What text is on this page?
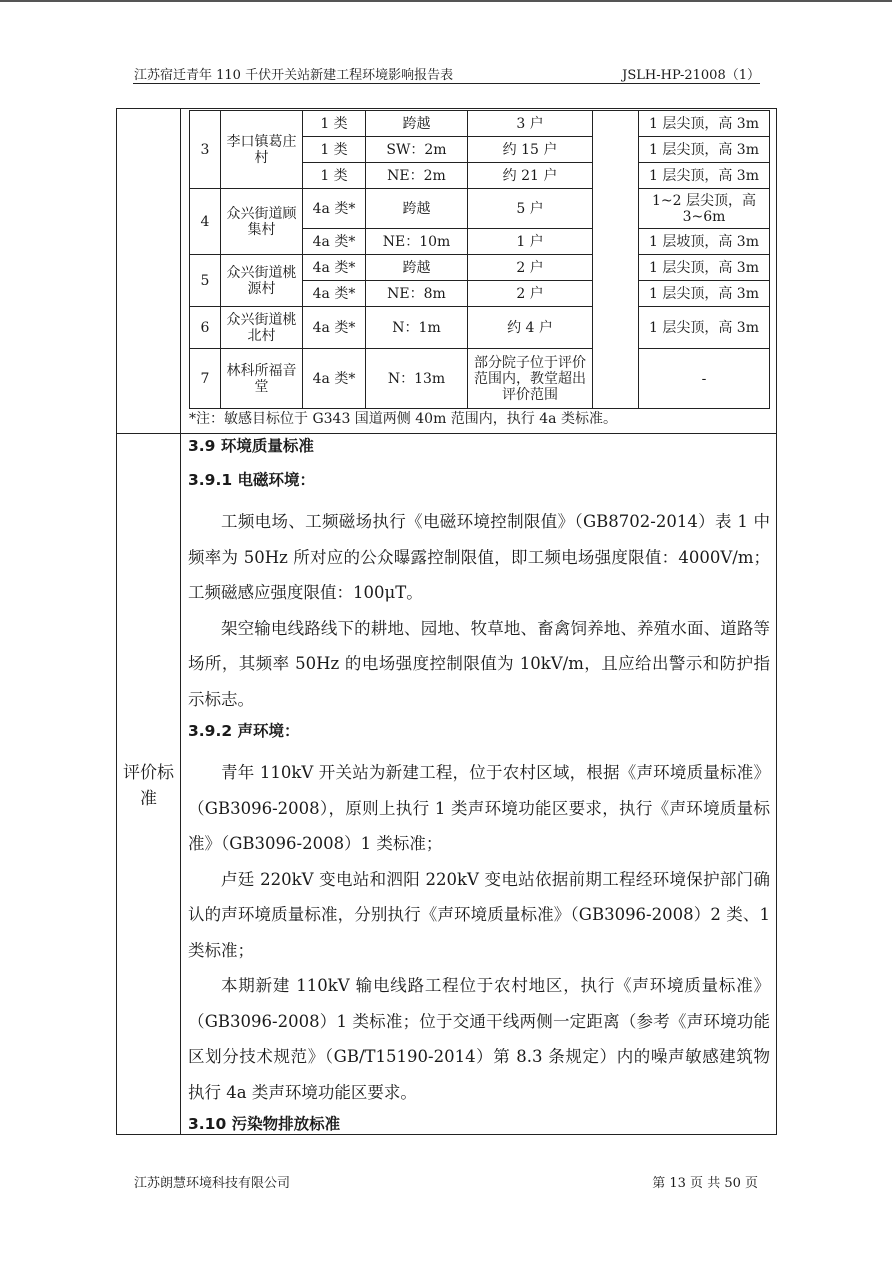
江苏宿迁青年 110 千伏开关站新建工程环境影响报告表	JSLH-HP-21008（1）
评价标准
3	李口镇葛庄村	1 类	跨越	3 户		1 层尖顶，高 3m
		1 类	SW：2m	约 15 户		1 层尖顶，高 3m
		1 类	NE：2m	约 21 户		1 层尖顶，高 3m
4	众兴街道顾集村	4a 类*	跨越	5 户		1~2 层尖顶，高 3~6m
		4a 类*	NE：10m	1 户		1 层坡顶，高 3m
5	众兴街道桃源村	4a 类*	跨越	2 户		1 层尖顶，高 3m
		4a 类*	NE：8m	2 户		1 层尖顶，高 3m
6	众兴街道桃北村	4a 类*	N：1m	约 4 户		1 层尖顶，高 3m
7	林科所福音堂	4a 类*	N：13m	部分院子位于评价范围内，教堂超出评价范围		-
*注：敏感目标位于 G343 国道两侧 40m 范围内，执行 4a 类标准。

3.9 环境质量标准

3.9.1 电磁环境：

工频电场、工频磁场执行《电磁环境控制限值》（GB8702-2014）表 1 中频率为 50Hz 所对应的公众曝露控制限值，即工频电场强度限值：4000V/m；工频磁感应强度限值：100μT。

架空输电线路线下的耕地、园地、牧草地、畜禽饲养地、养殖水面、道路等场所，其频率 50Hz 的电场强度控制限值为 10kV/m，且应给出警示和防护指示标志。

3.9.2 声环境：

青年 110kV 开关站为新建工程，位于农村区域，根据《声环境质量标准》（GB3096-2008），原则上执行 1 类声环境功能区要求，执行《声环境质量标准》（GB3096-2008）1 类标准；

卢廷 220kV 变电站和泗阳 220kV 变电站依据前期工程经环境保护部门确认的声环境质量标准，分别执行《声环境质量标准》（GB3096-2008）2 类、1 类标准；

本期新建 110kV 输电线路工程位于农村地区，执行《声环境质量标准》（GB3096-2008）1 类标准；位于交通干线两侧一定距离（参考《声环境功能区划分技术规范》（GB/T15190-2014）第 8.3 条规定）内的噪声敏感建筑物执行 4a 类声环境功能区要求。

3.10 污染物排放标准

江苏朗慧环境科技有限公司	第 13 页 共 50 页
